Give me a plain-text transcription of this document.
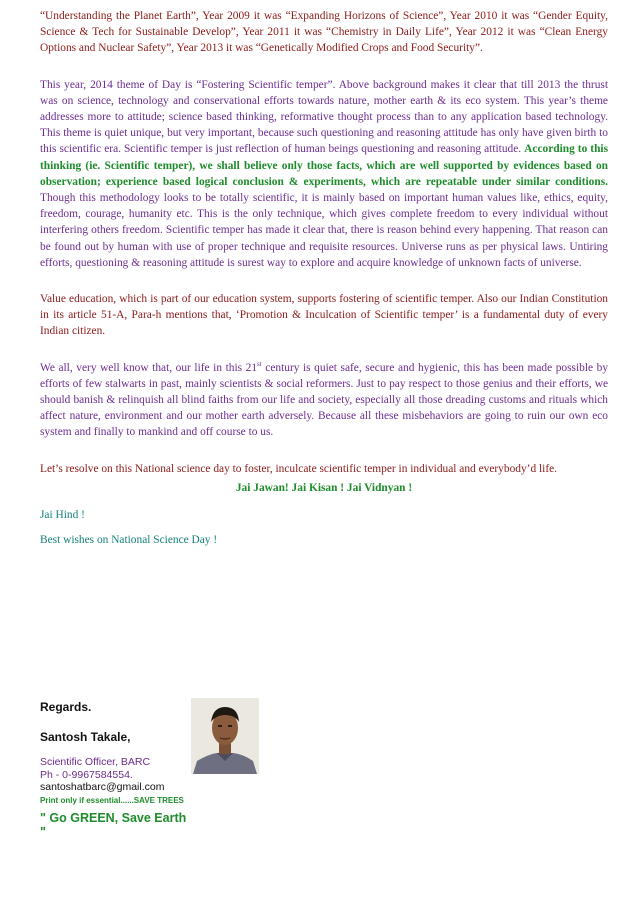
“Understanding the Planet Earth”, Year 2009 it was “Expanding Horizons of Science”, Year 2010 it was “Gender Equity, Science & Tech for Sustainable Develop”, Year 2011 it was “Chemistry in Daily Life”, Year 2012 it was “Clean Energy Options and Nuclear Safety”, Year 2013 it was “Genetically Modified Crops and Food Security”.

This year, 2014 theme of Day is “Fostering Scientific temper”. Above background makes it clear that till 2013 the thrust was on science, technology and conservational efforts towards nature, mother earth & its eco system. This year’s theme addresses more to attitude; science based thinking, reformative thought process than to any application based technology. This theme is quiet unique, but very important, because such questioning and reasoning attitude has only have given birth to this scientific era. Scientific temper is just reflection of human beings questioning and reasoning attitude. According to this thinking (ie. Scientific temper), we shall believe only those facts, which are well supported by evidences based on observation; experience based logical conclusion & experiments, which are repeatable under similar conditions. Though this methodology looks to be totally scientific, it is mainly based on important human values like, ethics, equity, freedom, courage, humanity etc. This is the only technique, which gives complete freedom to every individual without interfering others freedom. Scientific temper has made it clear that, there is reason behind every happening. That reason can be found out by human with use of proper technique and requisite resources. Universe runs as per physical laws. Untiring efforts, questioning & reasoning attitude is surest way to explore and acquire knowledge of unknown facts of universe.

Value education, which is part of our education system, supports fostering of scientific temper. Also our Indian Constitution in its article 51-A, Para-h mentions that, ‘Promotion & Inculcation of Scientific temper’ is a fundamental duty of every Indian citizen.

We all, very well know that, our life in this 21st century is quiet safe, secure and hygienic, this has been made possible by efforts of few stalwarts in past, mainly scientists & social reformers. Just to pay respect to those genius and their efforts, we should banish & relinquish all blind faiths from our life and society, especially all those dreading customs and rituals which affect nature, environment and our mother earth adversely. Because all these misbehaviors are going to ruin our own eco system and finally to mankind and off course to us.

Let’s resolve on this National science day to foster, inculcate scientific temper in individual and everybody’d life.

Jai Jawan! Jai Kisan ! Jai Vidnyan !

Jai Hind !

Best wishes on National Science Day !

Regards.

Santosh Takale,

Scientific Officer, BARC

Ph - 0-9967584554.

santoshatbarc@gmail.com

Print only if essential......SAVE TREES

" Go GREEN, Save Earth "
